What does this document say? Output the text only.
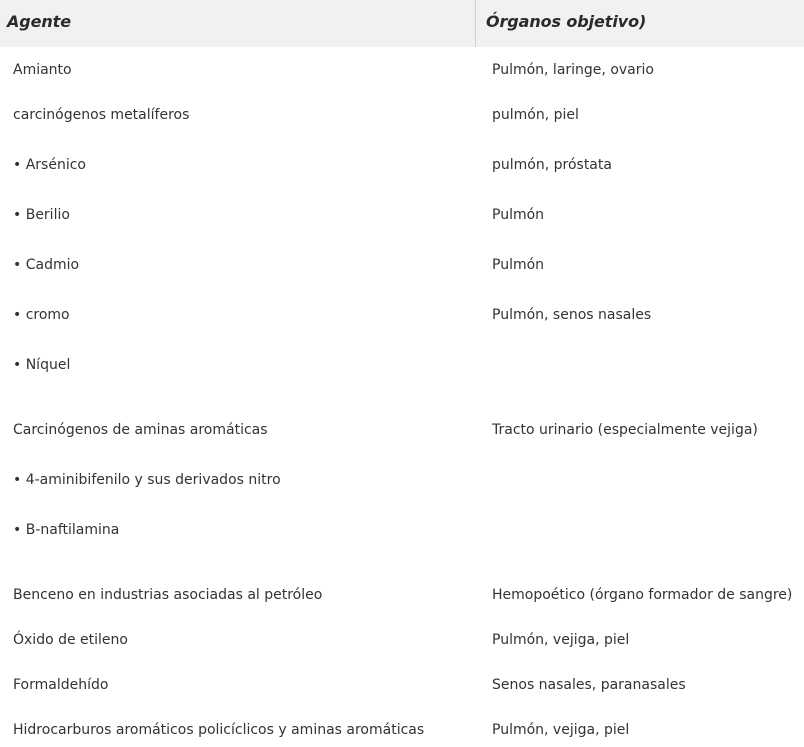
Agente	Órganos objetivo)
Amianto	Pulmón, laringe, ovario
carcinógenos metalíferos	pulmón, piel
• Arsénico	pulmón, próstata
• Berilio	Pulmón
• Cadmio	Pulmón
• cromo	Pulmón, senos nasales
• Níquel
Carcinógenos de aminas aromáticas	Tracto urinario (especialmente vejiga)
• 4-aminibifenilo y sus derivados nitro
• B-naftilamina
Benceno en industrias asociadas al petróleo	Hemopoético (órgano formador de sangre)
Óxido de etileno	Pulmón, vejiga, piel
Formaldehído	Senos nasales, paranasales
Hidrocarburos aromáticos policíclicos y aminas aromáticas	Pulmón, vejiga, piel
